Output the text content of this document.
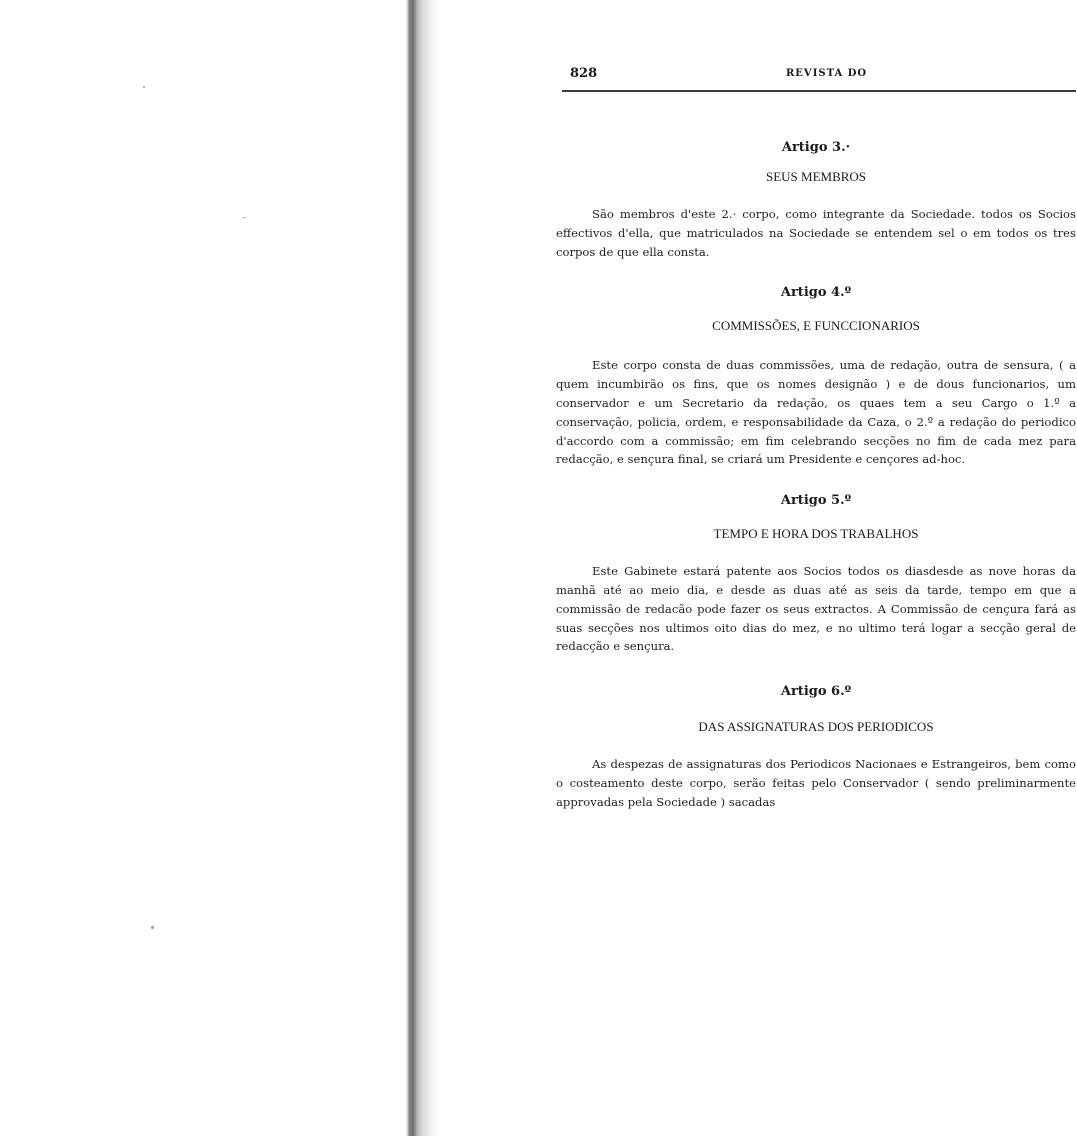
828	REVISTA DO
Artigo 3.·
SEUS MEMBROS

São membros d'este 2.· corpo, como integrante da Sociedade. todos os Socios effectivos d'ella, que matriculados na Sociedade se entendem sel o em todos os tres corpos de que ella consta.

Artigo 4.º
COMMISSÕES, E FUNCCIONARIOS

Este corpo consta de duas commissões, uma de redação, outra de sensura, ( a quem incumbirão os fins, que os nomes designão ) e de dous funcionarios, um conservador e um Secretario da redação, os quaes tem a seu Cargo o 1.º a conservação, policia, ordem, e responsabilidade da Caza, o 2.º a redação do periodico d'accordo com a commissão; em fim celebrando secções no fim de cada mez para redacção, e sençura final, se criará um Presidente e cençores ad-hoc.

Artigo 5.º
TEMPO E HORA DOS TRABALHOS

Este Gabinete estará patente aos Socios todos os diasdesde as nove horas da manhã até ao meio dia, e desde as duas até as seis da tarde, tempo em que a commissão de redacão pode fazer os seus extractos. A Commissão de cençura fará as suas secções nos ultimos oito dias do mez, e no ultimo terá logar a secção geral de redacção e sençura.

Artigo 6.º
DAS ASSIGNATURAS DOS PERIODICOS

As despezas de assignaturas dos Periodicos Nacionaes e Estrangeiros, bem como o costeamento deste corpo, serão feitas pelo Conservador ( sendo preliminarmente approvadas pela Sociedade ) sacadas
